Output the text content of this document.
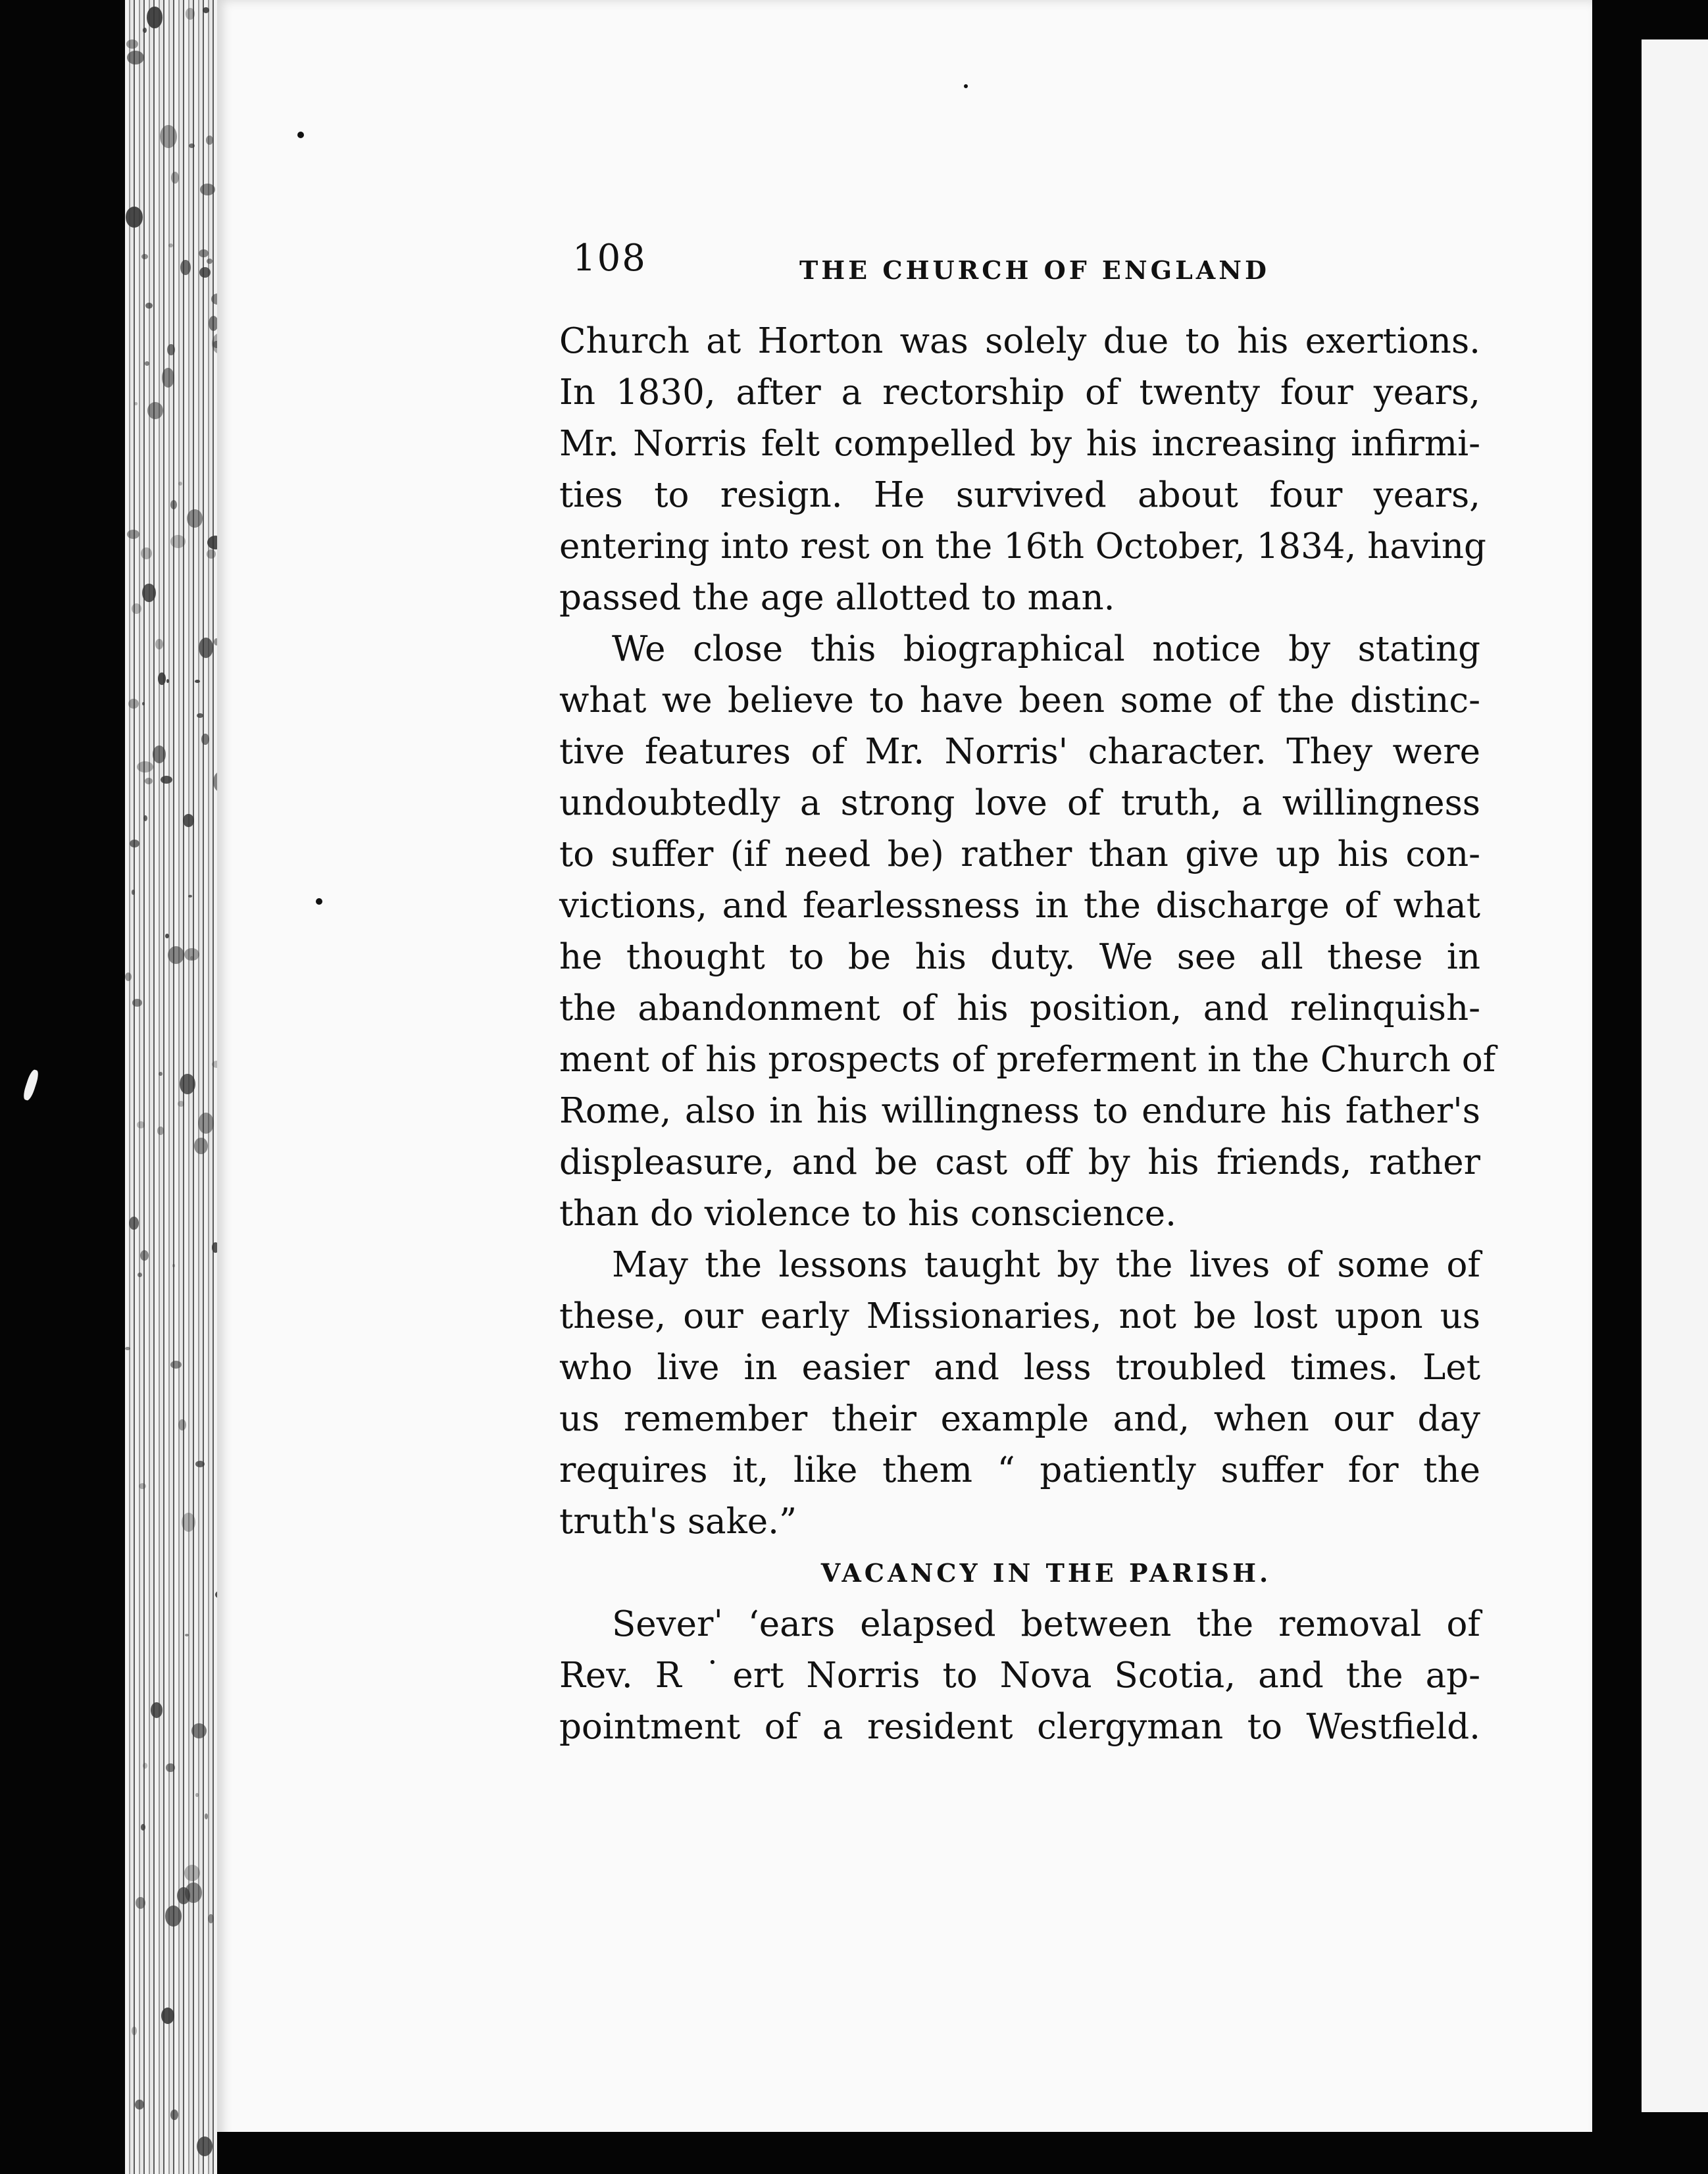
108	THE CHURCH OF ENGLAND
Church at Horton was solely due to his exertions.
In 1830, after a rectorship of twenty four years,
Mr. Norris felt compelled by his increasing infirmi-
ties to resign. He survived about four years,
entering into rest on the 16th October, 1834, having
passed the age allotted to man.
We close this biographical notice by stating
what we believe to have been some of the distinc-
tive features of Mr. Norris' character. They were
undoubtedly a strong love of truth, a willingness
to suffer (if need be) rather than give up his con-
victions, and fearlessness in the discharge of what
he thought to be his duty. We see all these in
the abandonment of his position, and relinquish-
ment of his prospects of preferment in the Church of
Rome, also in his willingness to endure his father's
displeasure, and be cast off by his friends, rather
than do violence to his conscience.
May the lessons taught by the lives of some of
these, our early Missionaries, not be lost upon us
who live in easier and less troubled times. Let
us remember their example and, when our day
requires it, like them “ patiently suffer for the
truth's sake.”
VACANCY IN THE PARISH.
Severˈ ʻears elapsed between the removal of
Rev. R ˙ert Norris to Nova Scotia, and the ap-
pointment of a resident clergyman to Westfield.
